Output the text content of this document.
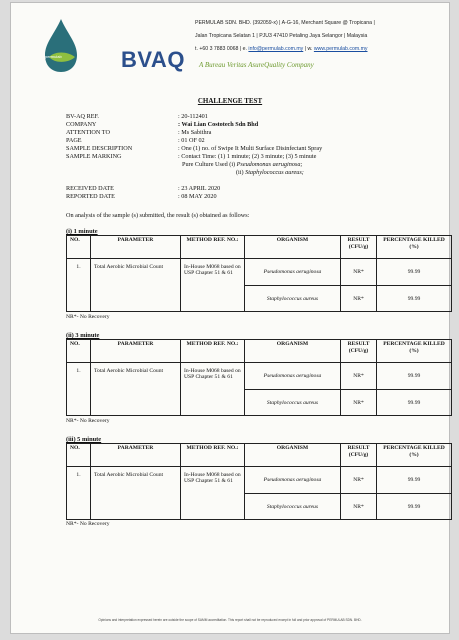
permulab	BVAQ
PERMULAB SDN. BHD. (392059-x) | A-G-16, Merchant Square @ Tropicana |
Jalan Tropicana Selatan 1 | PJU3 47410 Petaling Jaya Selangor | Malaysia
t. +60 3 7883 0068 | e. info@permulab.com.my | w. www.permulab.com.my
A Bureau Veritas AsureQuality Company
CHALLENGE TEST
BV-AQ REF.	: 20-112401
COMPANY	: Wai Lian Costotech Sdn Bhd
ATTENTION TO	: Ms Sabithra
PAGE	: 01 OF 02
SAMPLE DESCRIPTION	: One (1) no. of Swipe It Multi Surface Disinfectant Spray
SAMPLE MARKING	: Contact Time: (1) 1 minute; (2) 3 minute; (3) 5 minute
Pure Culture Used (i) Pseudomonas aeruginosa;
(ii) Staphylococcus aureus;
RECEIVED DATE	: 23 APRIL 2020
REPORTED DATE	: 08 MAY 2020
On analysis of the sample (s) submitted, the result (s) obtained as follows:
(i) 1 minute
NO.	PARAMETER	METHOD REF. NO.:	ORGANISM	RESULT (CFU/g)	PERCENTAGE KILLED (%)
1.	Total Aerobic Microbial Count	In-House M068 based on USP Chapter 51 & 61	Pseudomonas aeruginosa	NR*	99.99
			Staphylococcus aureus	NR*	99.99
NR*- No Recovery
(ii) 3 minute
NO.	PARAMETER	METHOD REF. NO.:	ORGANISM	RESULT (CFU/g)	PERCENTAGE KILLED (%)
1.	Total Aerobic Microbial Count	In-House M068 based on USP Chapter 51 & 61	Pseudomonas aeruginosa	NR*	99.99
			Staphylococcus aureus	NR*	99.99
NR*- No Recovery
(iii) 5 minute
NO.	PARAMETER	METHOD REF. NO.:	ORGANISM	RESULT (CFU/g)	PERCENTAGE KILLED (%)
1.	Total Aerobic Microbial Count	In-House M068 based on USP Chapter 51 & 61	Pseudomonas aeruginosa	NR*	99.99
			Staphylococcus aureus	NR*	99.99
NR*- No Recovery
Opinions and interpretation expressed herein are outside the scope of SAMM accreditation. This report shall not be reproduced except in full and prior approval of PERMULAB SDN. BHD.
